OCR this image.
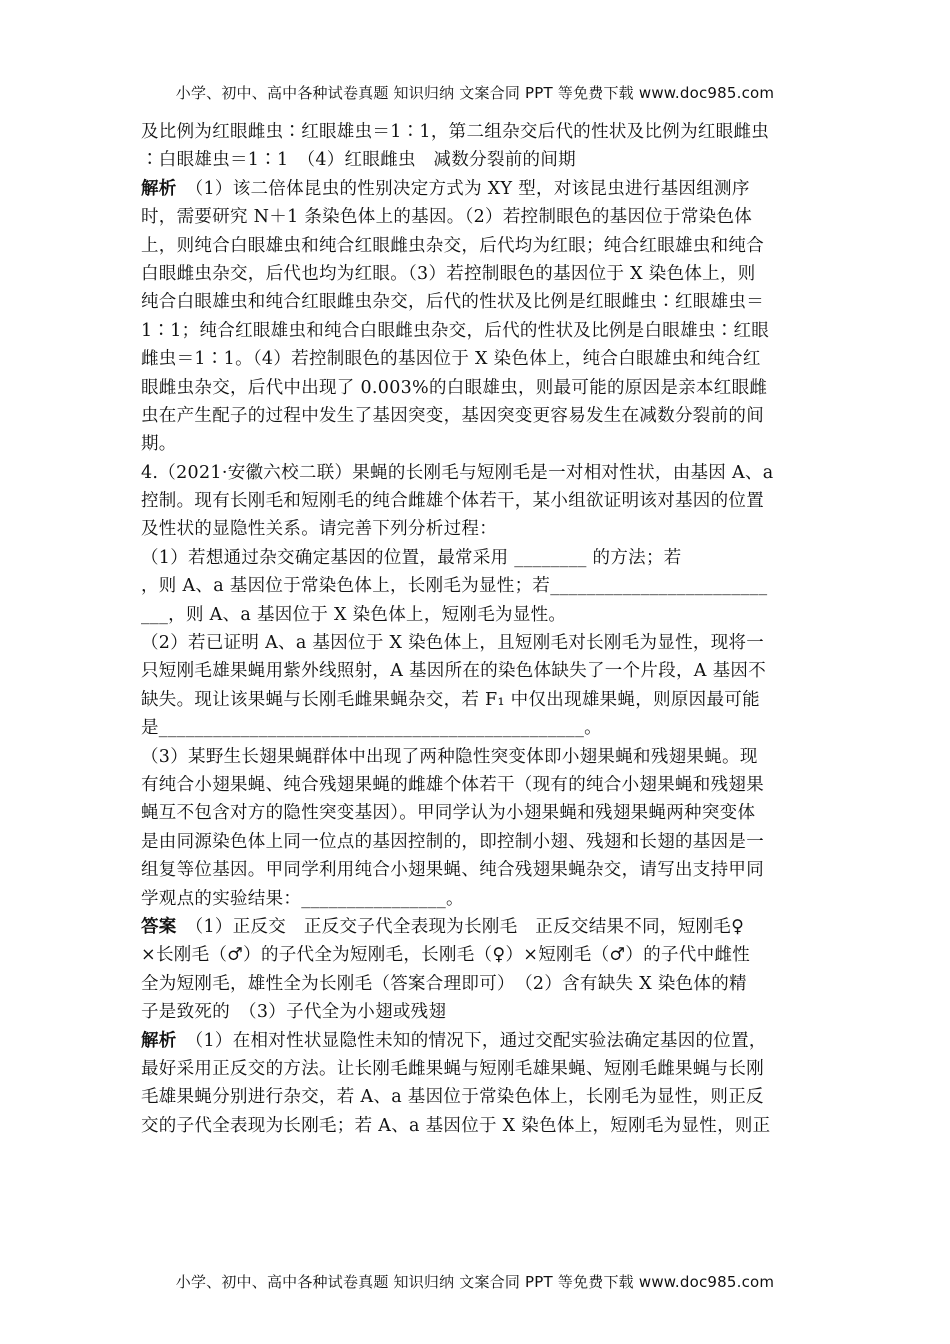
小学、初中、高中各种试卷真题 知识归纳 文案合同 PPT 等免费下载 www.doc985.com
及比例为红眼雌虫∶红眼雄虫＝1∶1，第二组杂交后代的性状及比例为红眼雌虫
∶白眼雄虫＝1∶1　（4）红眼雌虫　减数分裂前的间期
解析　（1）该二倍体昆虫的性别决定方式为 XY 型，对该昆虫进行基因组测序
时，需要研究 N＋1 条染色体上的基因。（2）若控制眼色的基因位于常染色体
上，则纯合白眼雄虫和纯合红眼雌虫杂交，后代均为红眼；纯合红眼雄虫和纯合
白眼雌虫杂交，后代也均为红眼。（3）若控制眼色的基因位于 X 染色体上，则
纯合白眼雄虫和纯合红眼雌虫杂交，后代的性状及比例是红眼雌虫∶红眼雄虫＝
1∶1；纯合红眼雄虫和纯合白眼雌虫杂交，后代的性状及比例是白眼雄虫∶红眼
雌虫＝1∶1。（4）若控制眼色的基因位于 X 染色体上，纯合白眼雄虫和纯合红
眼雌虫杂交，后代中出现了 0.003%的白眼雄虫，则最可能的原因是亲本红眼雌
虫在产生配子的过程中发生了基因突变，基因突变更容易发生在减数分裂前的间
期。
4.（2021·安徽六校二联）果蝇的长刚毛与短刚毛是一对相对性状，由基因 A、a
控制。现有长刚毛和短刚毛的纯合雌雄个体若干，某小组欲证明该对基因的位置
及性状的显隐性关系。请完善下列分析过程：
（1）若想通过杂交确定基因的位置，最常采用 ________ 的方法；若
，则 A、a 基因位于常染色体上，长刚毛为显性；若________________________
___，则 A、a 基因位于 X 染色体上，短刚毛为显性。
（2）若已证明 A、a 基因位于 X 染色体上，且短刚毛对长刚毛为显性，现将一
只短刚毛雄果蝇用紫外线照射，A 基因所在的染色体缺失了一个片段，A 基因不
缺失。现让该果蝇与长刚毛雌果蝇杂交，若 F₁ 中仅出现雄果蝇，则原因最可能
是_______________________________________________。
（3）某野生长翅果蝇群体中出现了两种隐性突变体即小翅果蝇和残翅果蝇。现
有纯合小翅果蝇、纯合残翅果蝇的雌雄个体若干（现有的纯合小翅果蝇和残翅果
蝇互不包含对方的隐性突变基因）。甲同学认为小翅果蝇和残翅果蝇两种突变体
是由同源染色体上同一位点的基因控制的，即控制小翅、残翅和长翅的基因是一
组复等位基因。甲同学利用纯合小翅果蝇、纯合残翅果蝇杂交，请写出支持甲同
学观点的实验结果：________________。
答案　（1）正反交　正反交子代全表现为长刚毛　正反交结果不同，短刚毛♀
×长刚毛（♂）的子代全为短刚毛，长刚毛（♀）×短刚毛（♂）的子代中雌性
全为短刚毛，雄性全为长刚毛（答案合理即可）　（2）含有缺失 X 染色体的精
子是致死的　（3）子代全为小翅或残翅
解析　（1）在相对性状显隐性未知的情况下，通过交配实验法确定基因的位置，
最好采用正反交的方法。让长刚毛雌果蝇与短刚毛雄果蝇、短刚毛雌果蝇与长刚
毛雄果蝇分别进行杂交，若 A、a 基因位于常染色体上，长刚毛为显性，则正反
交的子代全表现为长刚毛；若 A、a 基因位于 X 染色体上，短刚毛为显性，则正
小学、初中、高中各种试卷真题 知识归纳 文案合同 PPT 等免费下载 www.doc985.com
